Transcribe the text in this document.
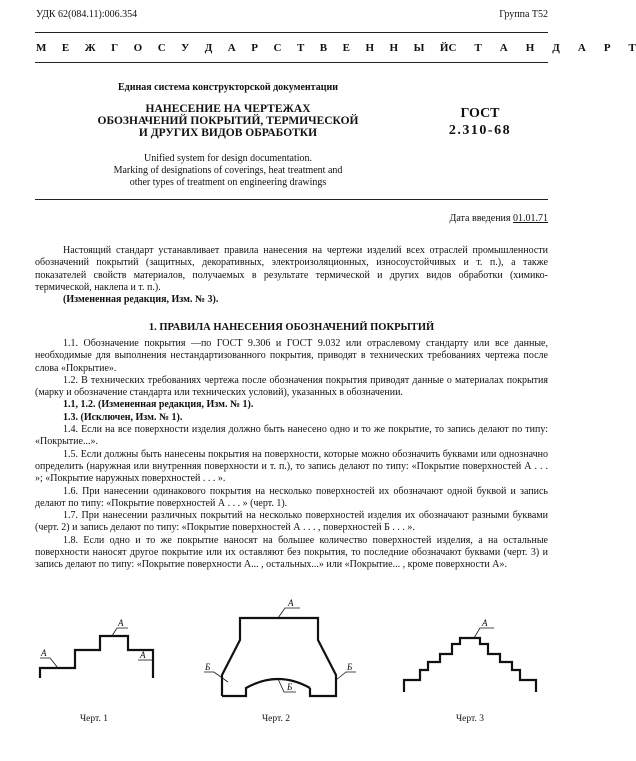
УДК 62(084.11):006.354	Группа Т52
М Е Ж Г О С У Д А Р С Т В Е Н Н Ы Й С Т А Н Д А Р Т
Единая система конструкторской документации
НАНЕСЕНИЕ НА ЧЕРТЕЖАХ
ОБОЗНАЧЕНИЙ ПОКРЫТИЙ, ТЕРМИЧЕСКОЙ
И ДРУГИХ ВИДОВ ОБРАБОТКИ
ГОСТ
2.310-68
Unified system for design documentation.
Marking of designations of coverings, heat treatment and
other types of treatment on engineering drawings
Дата введения 01.01.71

Настоящий стандарт устанавливает правила нанесения на чертежи изделий всех отраслей промышленности обозначений покрытий (защитных, декоративных, электроизоляционных, износоустойчивых и т. п.), а также показателей свойств материалов, получаемых в результате термической и других видов обработки (химико-термической, наклепа и т. п.).

(Измененная редакция, Изм. № 3).

1. ПРАВИЛА НАНЕСЕНИЯ ОБОЗНАЧЕНИЙ ПОКРЫТИЙ

1.1. Обозначение покрытия —по ГОСТ 9.306 и ГОСТ 9.032 или отраслевому стандарту или все данные, необходимые для выполнения нестандартизованного покрытия, приводят в технических требованиях чертежа после слова «Покрытие».

1.2. В технических требованиях чертежа после обозначения покрытия приводят данные о материалах покрытия (марку и обозначение стандарта или технических условий), указанных в обозначении.

1.1, 1.2. (Измененная редакция, Изм. № 1).

1.3. (Исключен, Изм. № 1).

1.4. Если на все поверхности изделия должно быть нанесено одно и то же покрытие, то запись делают по типу: «Покрытие...».

1.5. Если должны быть нанесены покрытия на поверхности, которые можно обозначить буквами или однозначно определить (наружная или внутренняя поверхности и т. п.), то запись делают по типу: «Покрытие поверхностей А . . . »; «Покрытие наружных поверхностей . . . ».

1.6. При нанесении одинакового покрытия на несколько поверхностей их обозначают одной буквой и запись делают по типу: «Покрытие поверхностей А . . . » (черт. 1).

1.7. При нанесении различных покрытий на несколько поверхностей изделия их обозначают разными буквами (черт. 2) и запись делают по типу: «Покрытие поверхностей А . . . , поверхностей Б . . . ».

1.8. Если одно и то же покрытие наносят на большее количество поверхностей изделия, а на остальные поверхности наносят другое покрытие или их оставляют без покрытия, то последние обозначают буквами (черт. 3) и запись делают по типу: «Покрытие поверхности А... , остальных...» или «Покрытие... , кроме поверхности А».

А
А
А
Б
А
Б
Б
А
Черт. 1	Черт. 2	Черт. 3
